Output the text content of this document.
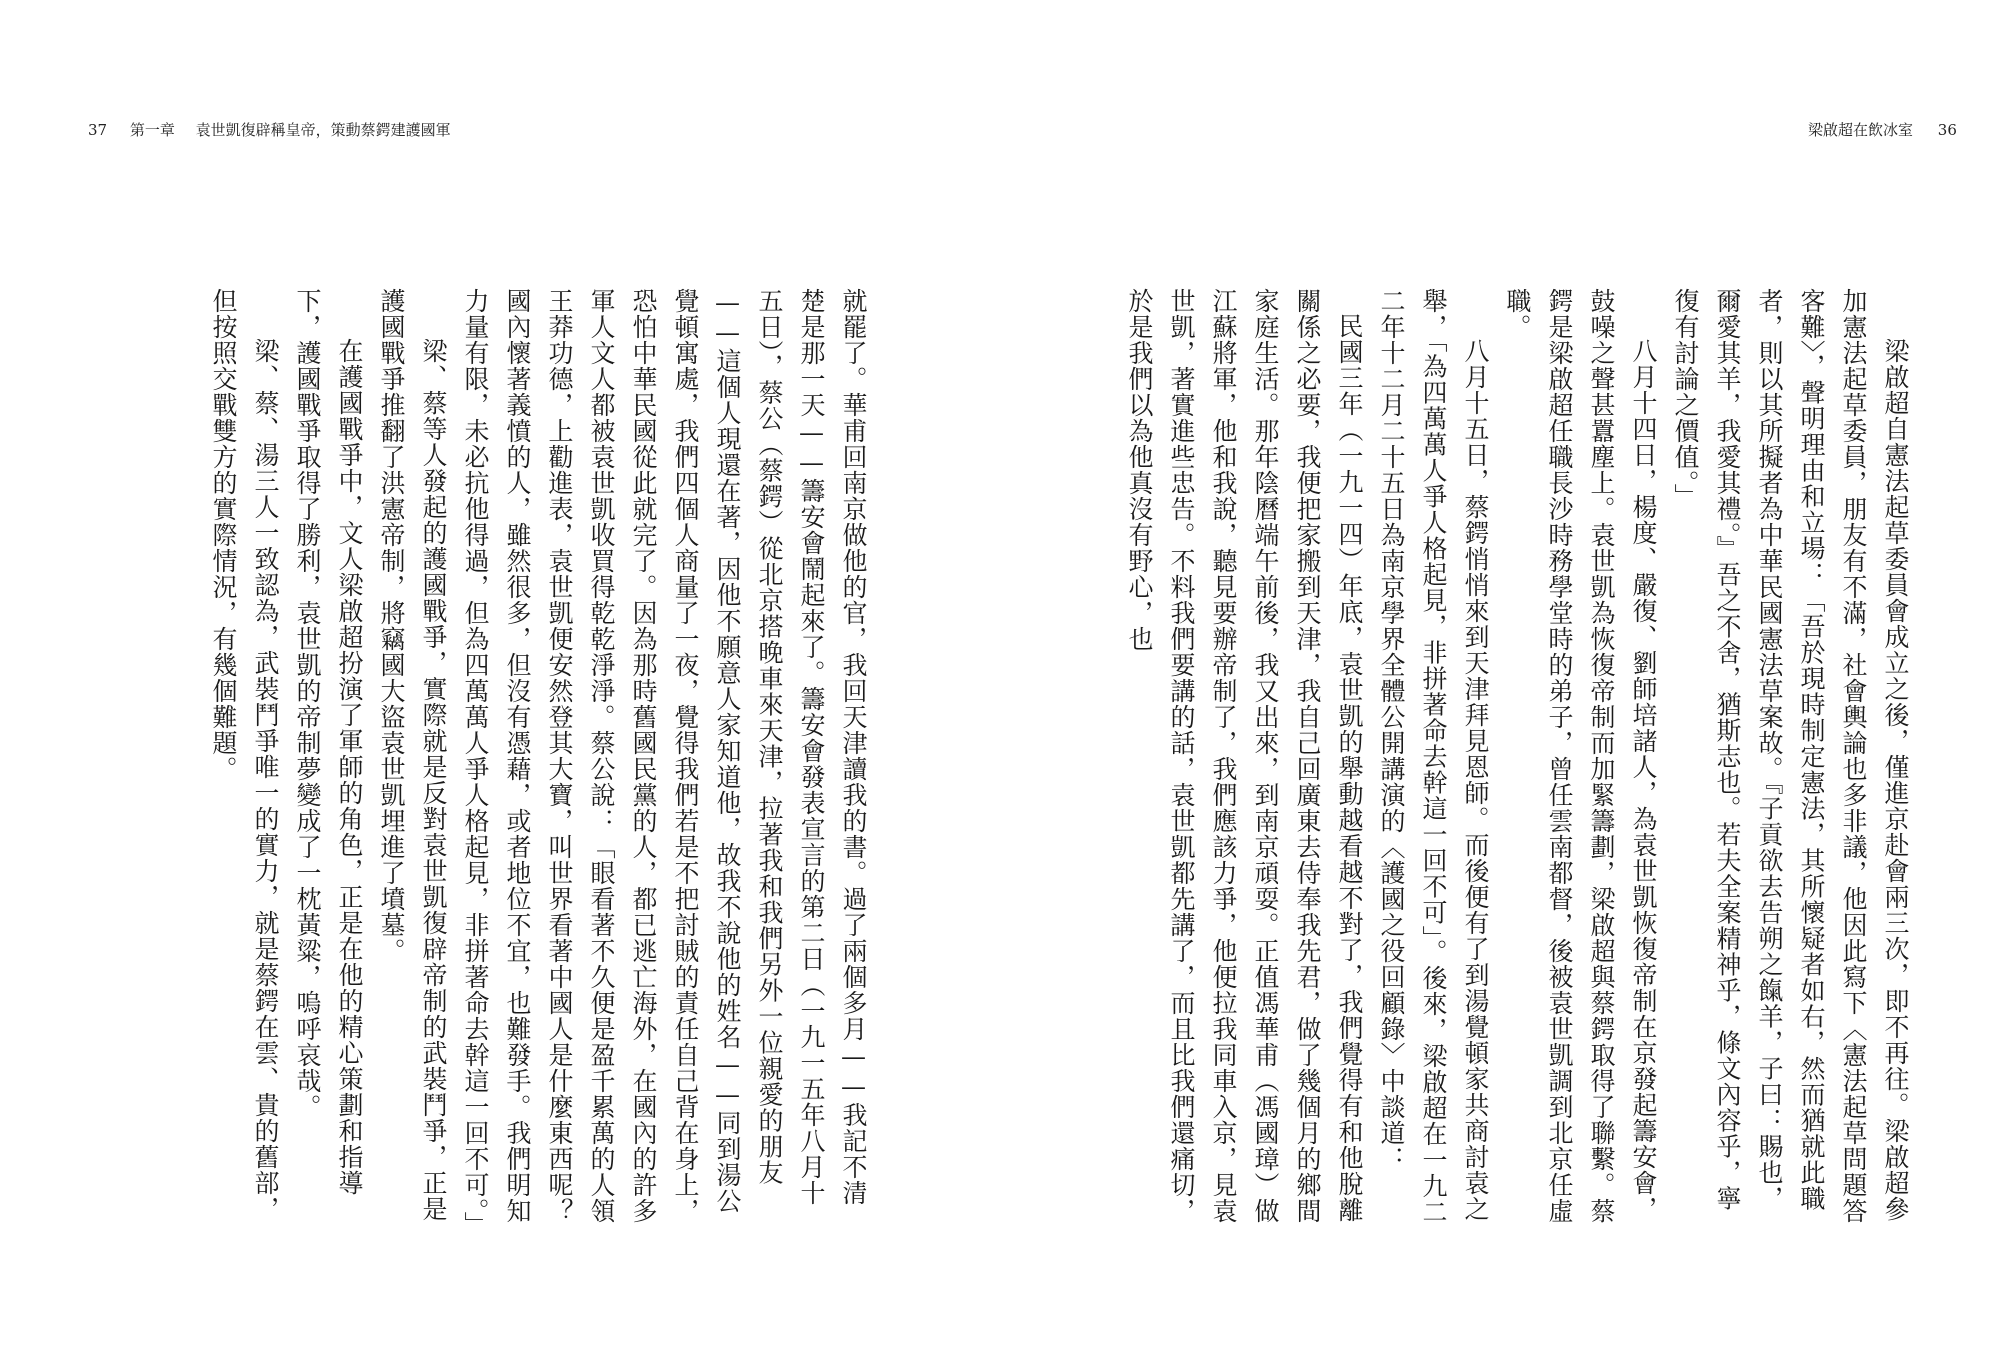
37 第一章 袁世凱復辟稱皇帝，策動蔡鍔建護國軍	梁啟超在飲冰室 36

就罷了。華甫回南京做他的官，我回天津讀我的書。過了兩個多月——我記不清楚是那一天——籌安會鬧起來了。籌安會發表宣言的第二日（一九一五年八月十五日），蔡公（蔡鍔）從北京搭晚車來天津，拉著我和我們另外一位親愛的朋友——這個人現還在著，因他不願意人家知道他，故我不說他的姓名——同到湯公覺頓寓處，我們四個人商量了一夜，覺得我們若是不把討賊的責任自己背在身上，恐怕中華民國從此就完了。因為那時舊國民黨的人，都已逃亡海外，在國內的許多軍人文人都被袁世凱收買得乾乾淨淨。蔡公說：「眼看著不久便是盈千累萬的人領王莽功德，上勸進表，袁世凱便安然登其大寶，叫世界看著中國人是什麼東西呢？國內懷著義憤的人，雖然很多，但沒有憑藉，或者地位不宜，也難發手。我們明知力量有限，未必抗他得過，但為四萬萬人爭人格起見，非拼著命去幹這一回不可。」

梁、蔡等人發起的護國戰爭，實際就是反對袁世凱復辟帝制的武裝鬥爭，正是護國戰爭推翻了洪憲帝制，將竊國大盜袁世凱埋進了墳墓。

在護國戰爭中，文人梁啟超扮演了軍師的角色，正是在他的精心策劃和指導下，護國戰爭取得了勝利，袁世凱的帝制夢變成了一枕黃粱，嗚呼哀哉。

梁、蔡、湯三人一致認為，武裝鬥爭唯一的實力，就是蔡鍔在雲、貴的舊部，但按照交戰雙方的實際情況，有幾個難題。	梁啟超自憲法起草委員會成立之後，僅進京赴會兩三次，即不再往。梁啟超參加憲法起草委員，朋友有不滿，社會輿論也多非議，他因此寫下〈憲法起草問題答客難〉，聲明理由和立場：「吾於現時制定憲法，其所懷疑者如右，然而猶就此職者，則以其所擬者為中華民國憲法草案故。『子貢欲去告朔之餼羊，子曰：賜也，爾愛其羊，我愛其禮。』吾之不舍，猶斯志也。若夫全案精神乎，條文內容乎，寧復有討論之價值。」

八月十四日，楊度、嚴復、劉師培諸人，為袁世凱恢復帝制在京發起籌安會，鼓噪之聲甚囂塵上。袁世凱為恢復帝制而加緊籌劃，梁啟超與蔡鍔取得了聯繫。蔡鍔是梁啟超任職長沙時務學堂時的弟子，曾任雲南都督，後被袁世凱調到北京任虛職。

八月十五日，蔡鍔悄悄來到天津拜見恩師。而後便有了到湯覺頓家共商討袁之舉，「為四萬萬人爭人格起見，非拼著命去幹這一回不可」。後來，梁啟超在一九二二年十二月二十五日為南京學界全體公開講演的〈護國之役回顧錄〉中談道：

民國三年（一九一四）年底，袁世凱的舉動越看越不對了，我們覺得有和他脫離關係之必要，我便把家搬到天津，我自己回廣東去侍奉我先君，做了幾個月的鄉間家庭生活。那年陰曆端午前後，我又出來，到南京頑耍。正值馮華甫（馮國璋）做江蘇將軍，他和我說，聽見要辦帝制了，我們應該力爭，他便拉我同車入京，見袁世凱，著實進些忠告。不料我們要講的話，袁世凱都先講了，而且比我們還痛切，於是我們以為他真沒有野心，也
